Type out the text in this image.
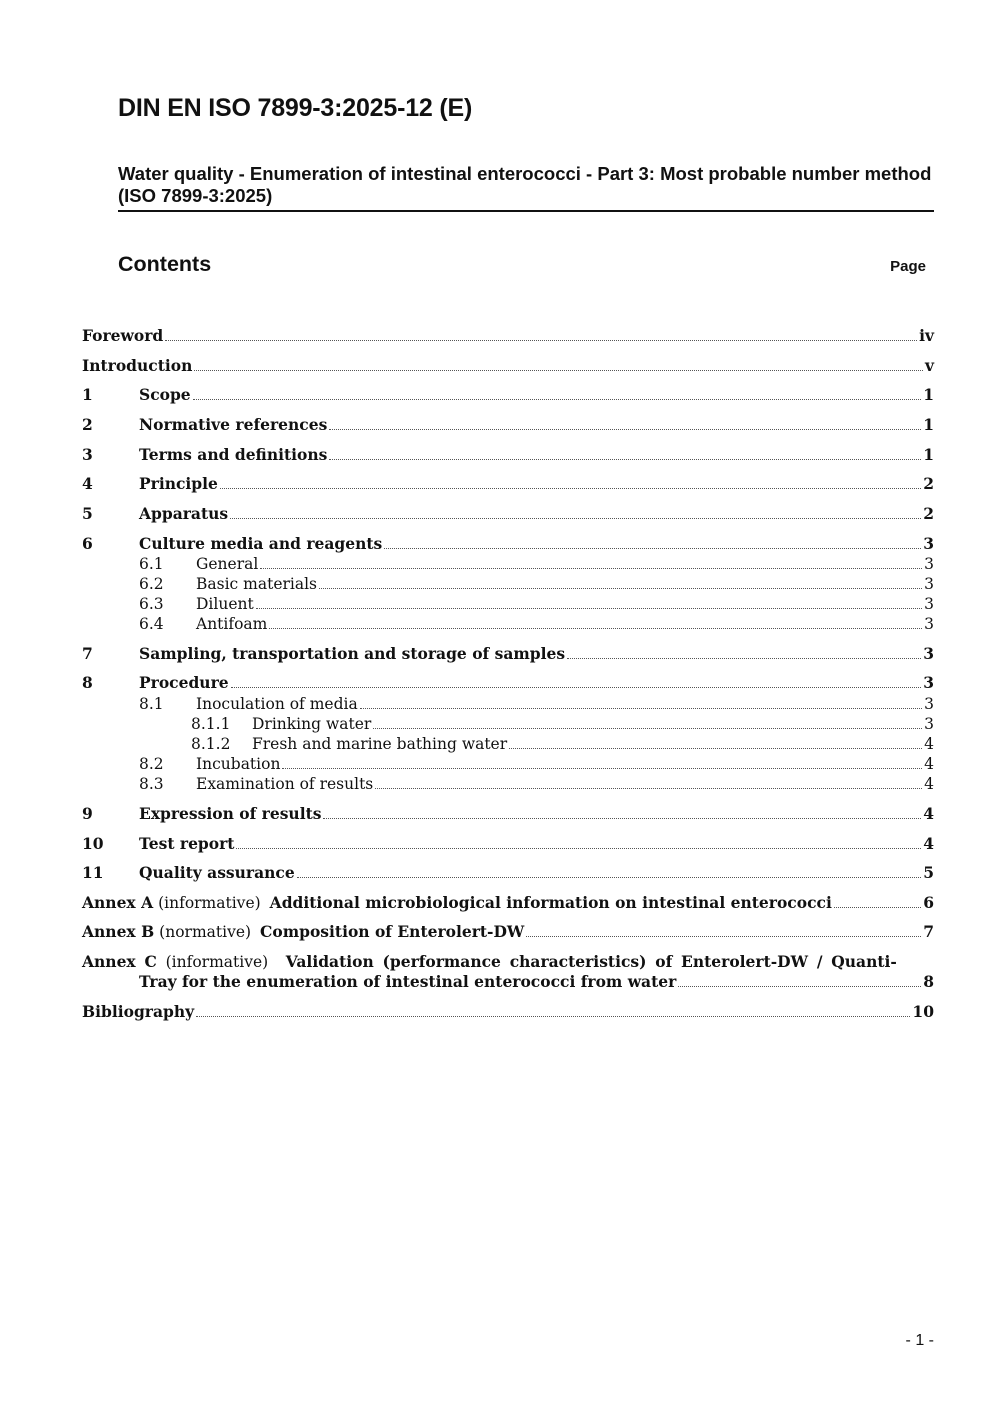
DIN EN ISO 7899-3:2025-12 (E)
Water quality - Enumeration of intestinal enterococci - Part 3: Most probable number method (ISO 7899-3:2025)
Contents	Page
Foreword	iv
Introduction	v
1	Scope	1
2	Normative references	1
3	Terms and definitions	1
4	Principle	2
5	Apparatus	2
6	Culture media and reagents	3
6.1	General	3
6.2	Basic materials	3
6.3	Diluent	3
6.4	Antifoam	3
7	Sampling, transportation and storage of samples	3
8	Procedure	3
8.1	Inoculation of media	3
8.1.1	Drinking water	3
8.1.2	Fresh and marine bathing water	4
8.2	Incubation	4
8.3	Examination of results	4
9	Expression of results	4
10	Test report	4
11	Quality assurance	5
Annex A (informative) Additional microbiological information on intestinal enterococci	6
Annex B (normative) Composition of Enterolert-DW	7
Annex C (informative) Validation (performance characteristics) of Enterolert-DW / Quanti-
Tray for the enumeration of intestinal enterococci from water	8
Bibliography	10
- 1 -
